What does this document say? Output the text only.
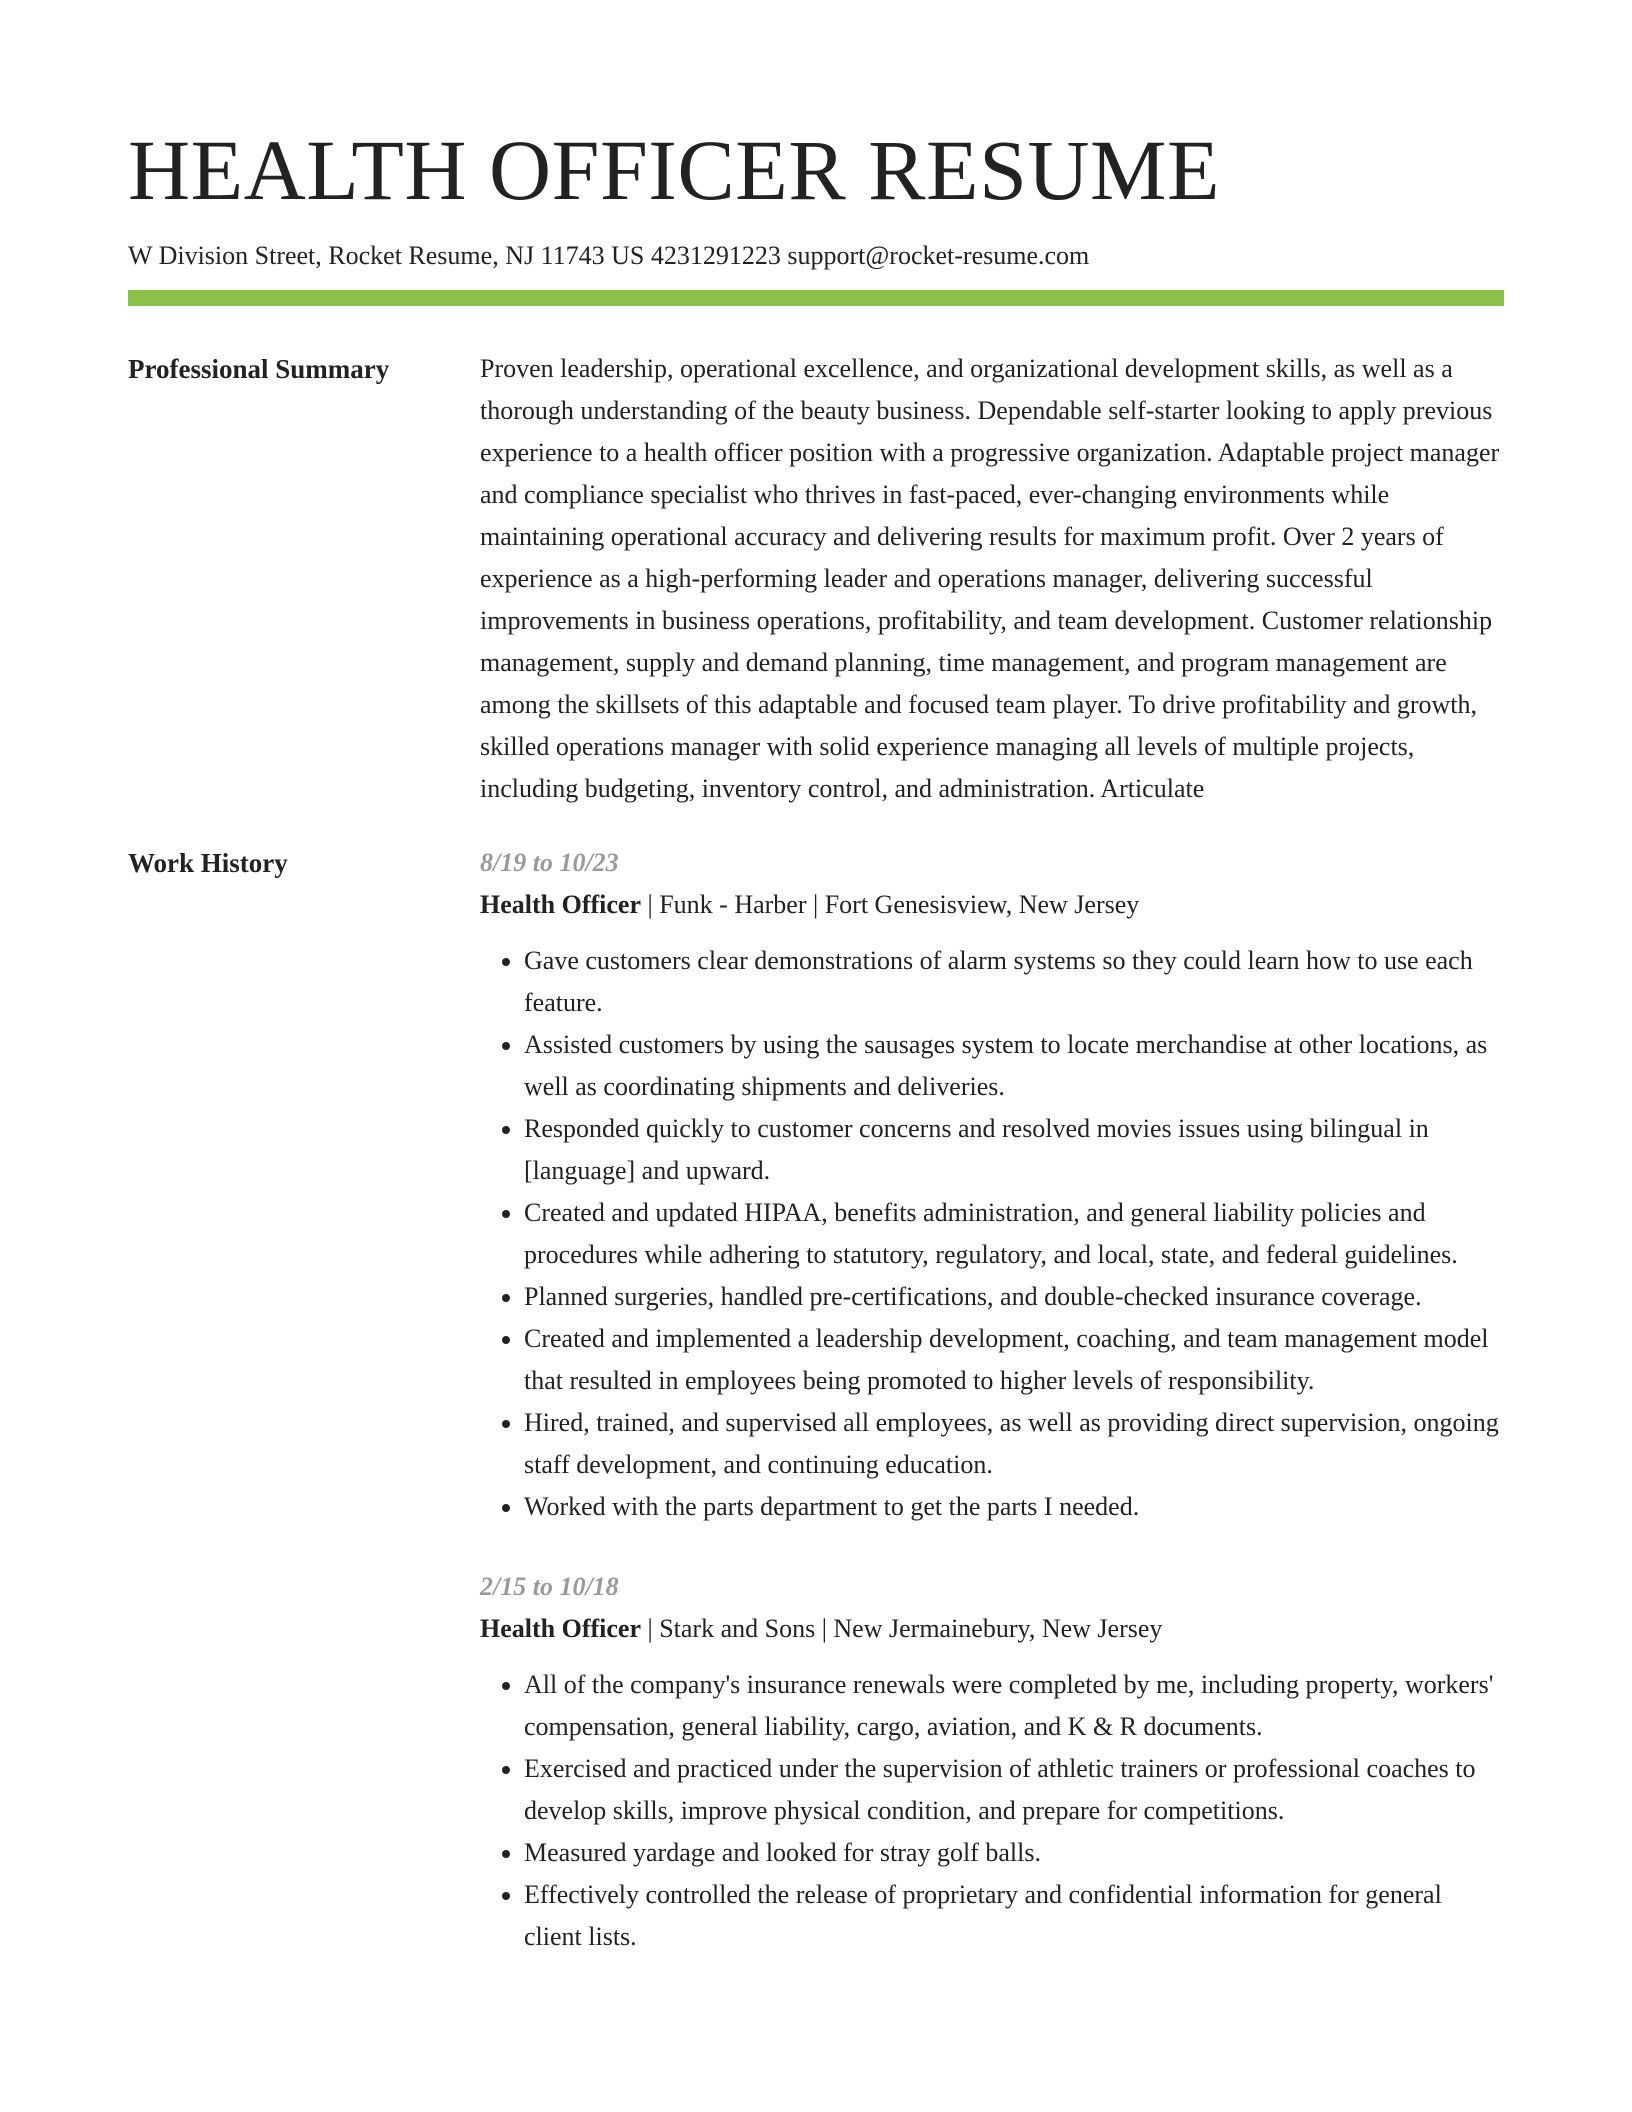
HEALTH OFFICER RESUME
W Division Street, Rocket Resume, NJ 11743 US 4231291223 support@rocket-resume.com
Professional Summary	Proven leadership, operational excellence, and organizational development skills, as well as a thorough understanding of the beauty business. Dependable self-starter looking to apply previous experience to a health officer position with a progressive organization. Adaptable project manager and compliance specialist who thrives in fast-paced, ever-changing environments while maintaining operational accuracy and delivering results for maximum profit. Over 2 years of experience as a high-performing leader and operations manager, delivering successful improvements in business operations, profitability, and team development. Customer relationship management, supply and demand planning, time management, and program management are among the skillsets of this adaptable and focused team player. To drive profitability and growth, skilled operations manager with solid experience managing all levels of multiple projects, including budgeting, inventory control, and administration. Articulate

Work History	8/19 to 10/23
Health Officer | Funk - Harber | Fort Genesisview, New Jersey
• Gave customers clear demonstrations of alarm systems so they could learn how to use each feature.
• Assisted customers by using the sausages system to locate merchandise at other locations, as well as coordinating shipments and deliveries.
• Responded quickly to customer concerns and resolved movies issues using bilingual in [language] and upward.
• Created and updated HIPAA, benefits administration, and general liability policies and procedures while adhering to statutory, regulatory, and local, state, and federal guidelines.
• Planned surgeries, handled pre-certifications, and double-checked insurance coverage.
• Created and implemented a leadership development, coaching, and team management model that resulted in employees being promoted to higher levels of responsibility.
• Hired, trained, and supervised all employees, as well as providing direct supervision, ongoing staff development, and continuing education.
• Worked with the parts department to get the parts I needed.
2/15 to 10/18
Health Officer | Stark and Sons | New Jermainebury, New Jersey
• All of the company's insurance renewals were completed by me, including property, workers' compensation, general liability, cargo, aviation, and K & R documents.
• Exercised and practiced under the supervision of athletic trainers or professional coaches to develop skills, improve physical condition, and prepare for competitions.
• Measured yardage and looked for stray golf balls.
• Effectively controlled the release of proprietary and confidential information for general client lists.
